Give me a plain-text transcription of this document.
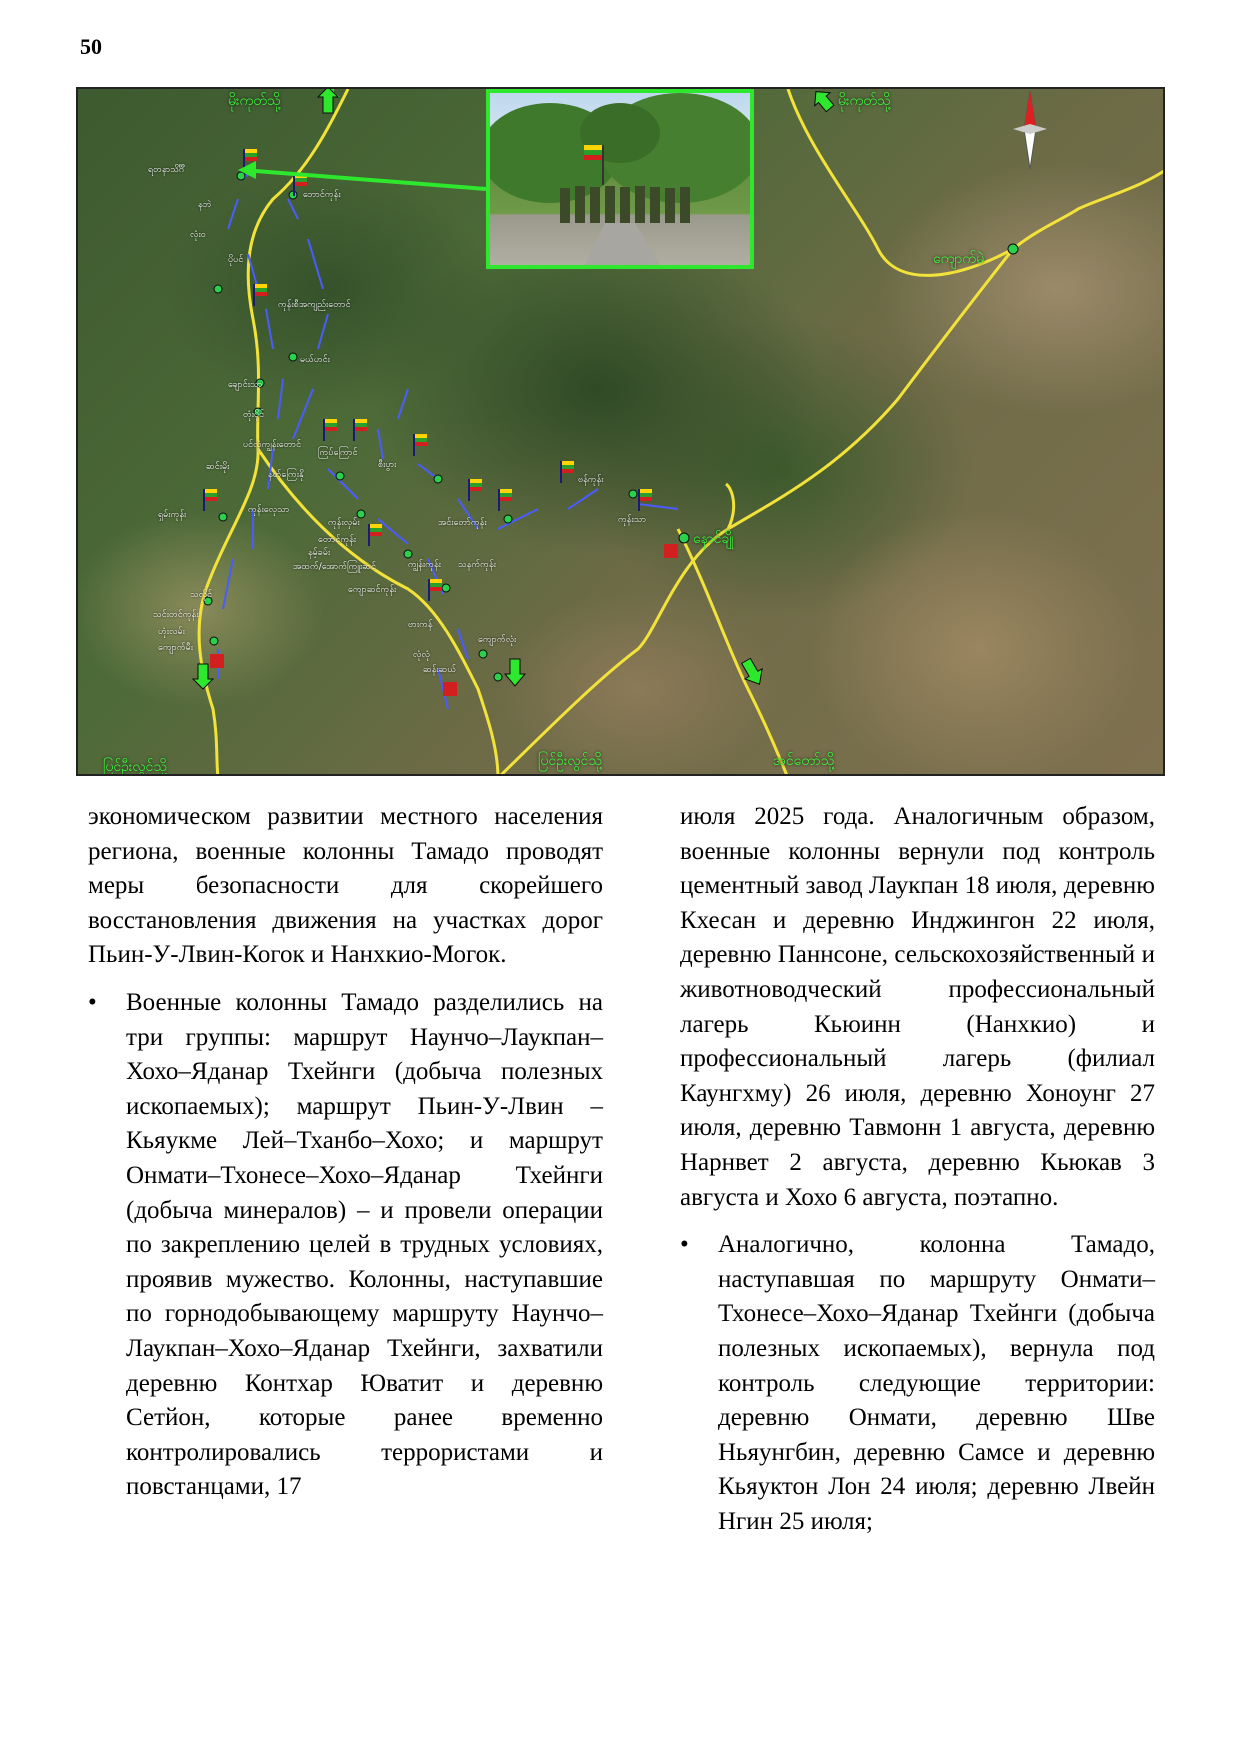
50
မိုးကုတ်သို့	မိုးကုတ်သို့
ပြင်ဦးလွင်သို့	ပြင်ဦးလွင်သို့	အင်တော်သို့
ကျောက်မဲ
နောင်ချို
ရတနာသိင်္ဂီ
ဘောင်ကုန်း
နဘဲ
လုံးဝ
ပိုပင်
ကုန်းစီအကျည်းတောင်
မယ်ဟင်း
ချောင်းသာ
တုံးပိုင်
ပင်လုံကျွန်းတောင်
ဆင်းမိုး
နတ်ကြေးနို
ကြပ်ကြောင်
စီးပွား
ကုန်းလှေသာ
ကုန်းလှမ်း
တောင်ကုန်း
နမ့်ခမ်း
အထက်/အောက်ကြူးဆင်
ကျောဆင်ကုန်း
သနက်ကုန်း
အင်းတော်ကုန်း
ဗားကန်
လုံလုံ
ကျောက်လုံး
ဆန်းဆယ်
ကျွန်းကုန်း
သလိုင်
သင်းတင်ကုန်း
ဟုံးလမ်း
ရှမ်းကုန်း
ကျောက်မီး
ကုန်းသာ
ဗန်ကုန်း

экономическом развитии местного населения региона, военные колонны Тамадо проводят меры безопасности для скорейшего восстановления движения на участках дорог Пьин-У-Лвин-Когок и Нанхкио-Могок.

• Военные колонны Тамадо разделились на три группы: маршрут Наунчо–Лаукпан–Хохо–Яданар Тхейнги (добыча полезных ископаемых); маршрут Пьин-У-Лвин –Кьяукме Лей–Тханбо–Хохо; и маршрут Онмати–Тхонесе–Хохо–Яданар Тхейнги (добыча минералов) – и провели операции по закреплению целей в трудных условиях, проявив мужество. Колонны, наступавшие по горнодобывающему маршруту Наунчо–Лаукпан–Хохо–Яданар Тхейнги, захватили деревню Контхар Юватит и деревню Сетйон, которые ранее временно контролировались террористами и повстанцами, 17

июля 2025 года. Аналогичным образом, военные колонны вернули под контроль цементный завод Лаукпан 18 июля, деревню Кхесан и деревню Инджингон 22 июля, деревню Паннсоне, сельскохозяйственный и животноводческий профессиональный лагерь Кьюинн (Нанхкио) и профессиональный лагерь (филиал Каунгхму) 26 июля, деревню Хоноунг 27 июля, деревню Тавмонн 1 августа, деревню Нарнвет 2 августа, деревню Кьюкав 3 августа и Хохо 6 августа, поэтапно.

• Аналогично, колонна Тамадо, наступавшая по маршруту Онмати–Тхонесе–Хохо–Яданар Тхейнги (добыча полезных ископаемых), вернула под контроль следующие территории: деревню Онмати, деревню Шве Ньяунгбин, деревню Самсе и деревню Кьяуктон Лон 24 июля; деревню Лвейн Нгин 25 июля;
